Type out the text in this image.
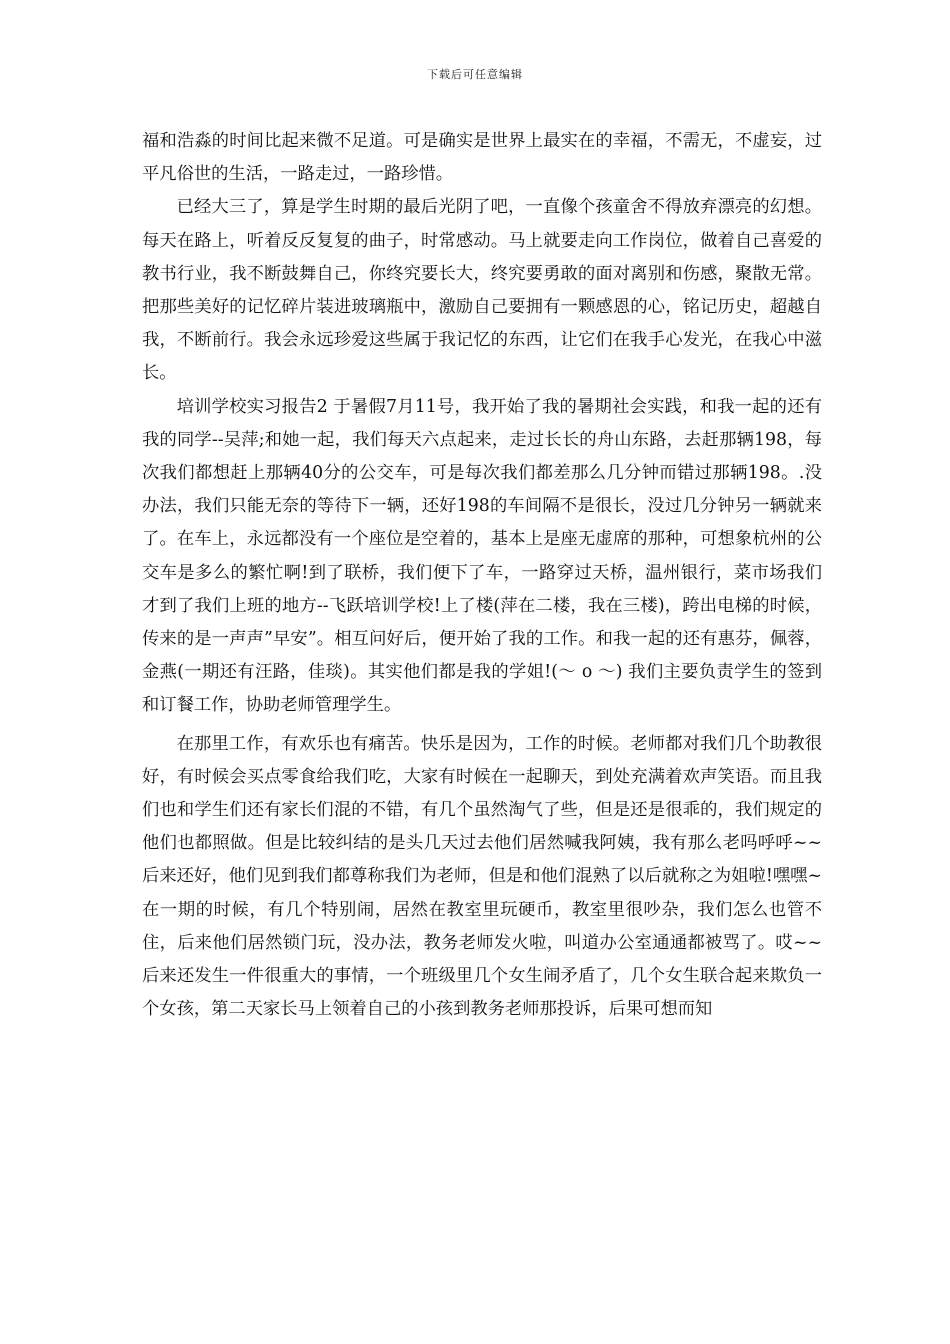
下载后可任意编辑

福和浩淼的时间比起来微不足道。可是确实是世界上最实在的幸福，不需无，不虚妄，过平凡俗世的生活，一路走过，一路珍惜。

已经大三了，算是学生时期的最后光阴了吧，一直像个孩童舍不得放弃漂亮的幻想。每天在路上，听着反反复复的曲子，时常感动。马上就要走向工作岗位，做着自己喜爱的教书行业，我不断鼓舞自己，你终究要长大，终究要勇敢的面对离别和伤感，聚散无常。把那些美好的记忆碎片装进玻璃瓶中，激励自己要拥有一颗感恩的心，铭记历史，超越自我，不断前行。我会永远珍爱这些属于我记忆的东西，让它们在我手心发光，在我心中滋长。

培训学校实习报告2 于暑假7月11号，我开始了我的暑期社会实践，和我一起的还有我的同学--吴萍;和她一起，我们每天六点起来，走过长长的舟山东路，去赶那辆198，每次我们都想赶上那辆40分的公交车，可是每次我们都差那么几分钟而错过那辆198。.没办法，我们只能无奈的等待下一辆，还好198的车间隔不是很长，没过几分钟另一辆就来了。在车上，永远都没有一个座位是空着的，基本上是座无虚席的那种，可想象杭州的公交车是多么的繁忙啊!到了联桥，我们便下了车，一路穿过天桥，温州银行，菜市场我们才到了我们上班的地方--飞跃培训学校!上了楼(萍在二楼，我在三楼)，跨出电梯的时候，传来的是一声声”早安”。相互问好后，便开始了我的工作。和我一起的还有惠芬，佩蓉，金燕(一期还有汪路，佳琰)。其实他们都是我的学姐!(～ o ～) 我们主要负责学生的签到和订餐工作，协助老师管理学生。

在那里工作，有欢乐也有痛苦。快乐是因为，工作的时候。老师都对我们几个助教很好，有时候会买点零食给我们吃，大家有时候在一起聊天，到处充满着欢声笑语。而且我们也和学生们还有家长们混的不错，有几个虽然淘气了些，但是还是很乖的，我们规定的他们也都照做。但是比较纠结的是头几天过去他们居然喊我阿姨，我有那么老吗呼呼~~后来还好，他们见到我们都尊称我们为老师，但是和他们混熟了以后就称之为姐啦!嘿嘿~在一期的时候，有几个特别闹，居然在教室里玩硬币，教室里很吵杂，我们怎么也管不住，后来他们居然锁门玩，没办法，教务老师发火啦，叫道办公室通通都被骂了。哎~~后来还发生一件很重大的事情，一个班级里几个女生闹矛盾了，几个女生联合起来欺负一个女孩，第二天家长马上领着自己的小孩到教务老师那投诉，后果可想而知
